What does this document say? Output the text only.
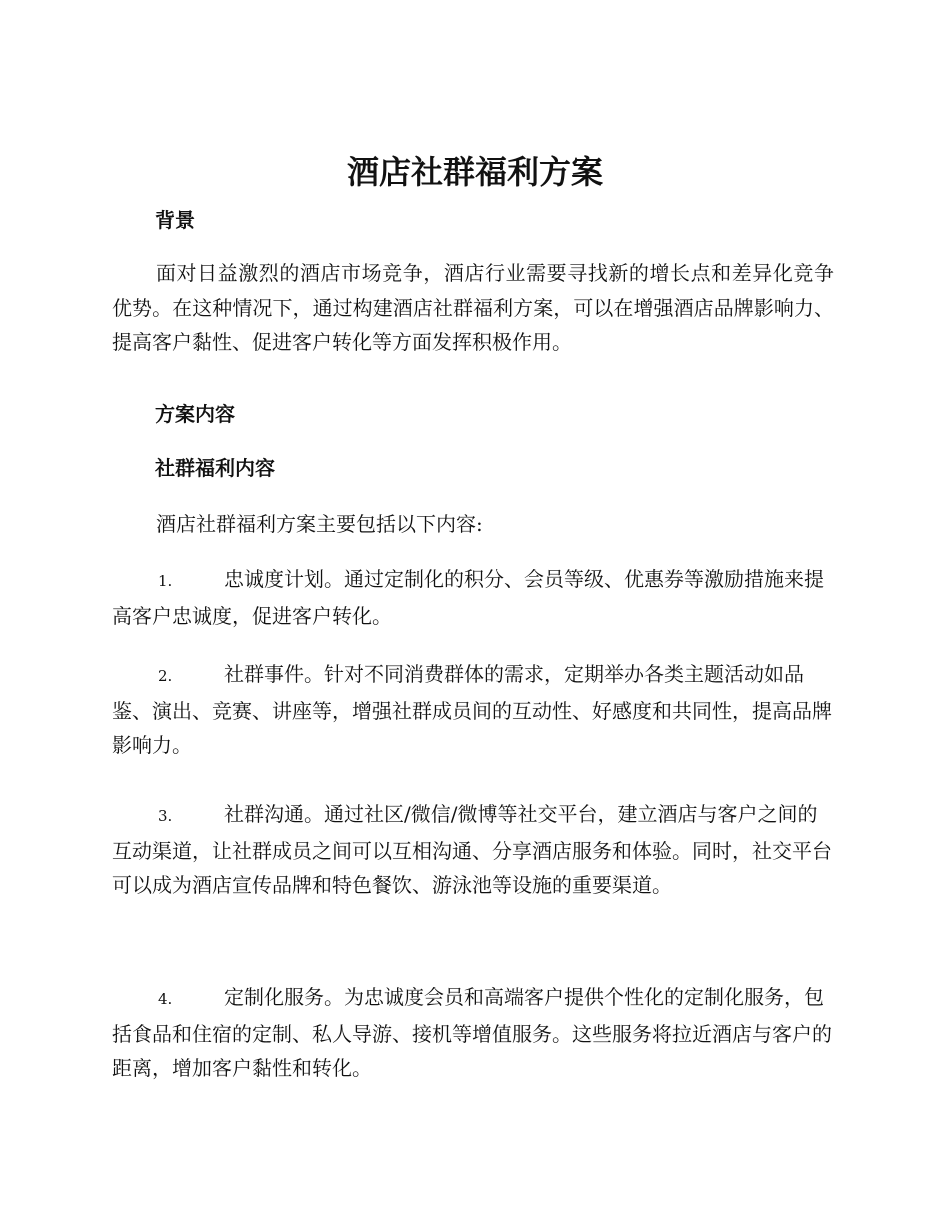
酒店社群福利方案
背景

面对日益激烈的酒店市场竞争，酒店行业需要寻找新的增长点和差异化竞争优势。在这种情况下，通过构建酒店社群福利方案，可以在增强酒店品牌影响力、提高客户黏性、促进客户转化等方面发挥积极作用。

方案内容
社群福利内容

酒店社群福利方案主要包括以下内容:

1.	忠诚度计划。通过定制化的积分、会员等级、优惠券等激励措施来提高客户忠诚度，促进客户转化。

2.	社群事件。针对不同消费群体的需求，定期举办各类主题活动如品鉴、演出、竞赛、讲座等，增强社群成员间的互动性、好感度和共同性，提高品牌影响力。

3.	社群沟通。通过社区/微信/微博等社交平台，建立酒店与客户之间的互动渠道，让社群成员之间可以互相沟通、分享酒店服务和体验。同时，社交平台可以成为酒店宣传品牌和特色餐饮、游泳池等设施的重要渠道。

4.	定制化服务。为忠诚度会员和高端客户提供个性化的定制化服务，包括食品和住宿的定制、私人导游、接机等增值服务。这些服务将拉近酒店与客户的距离，增加客户黏性和转化。
